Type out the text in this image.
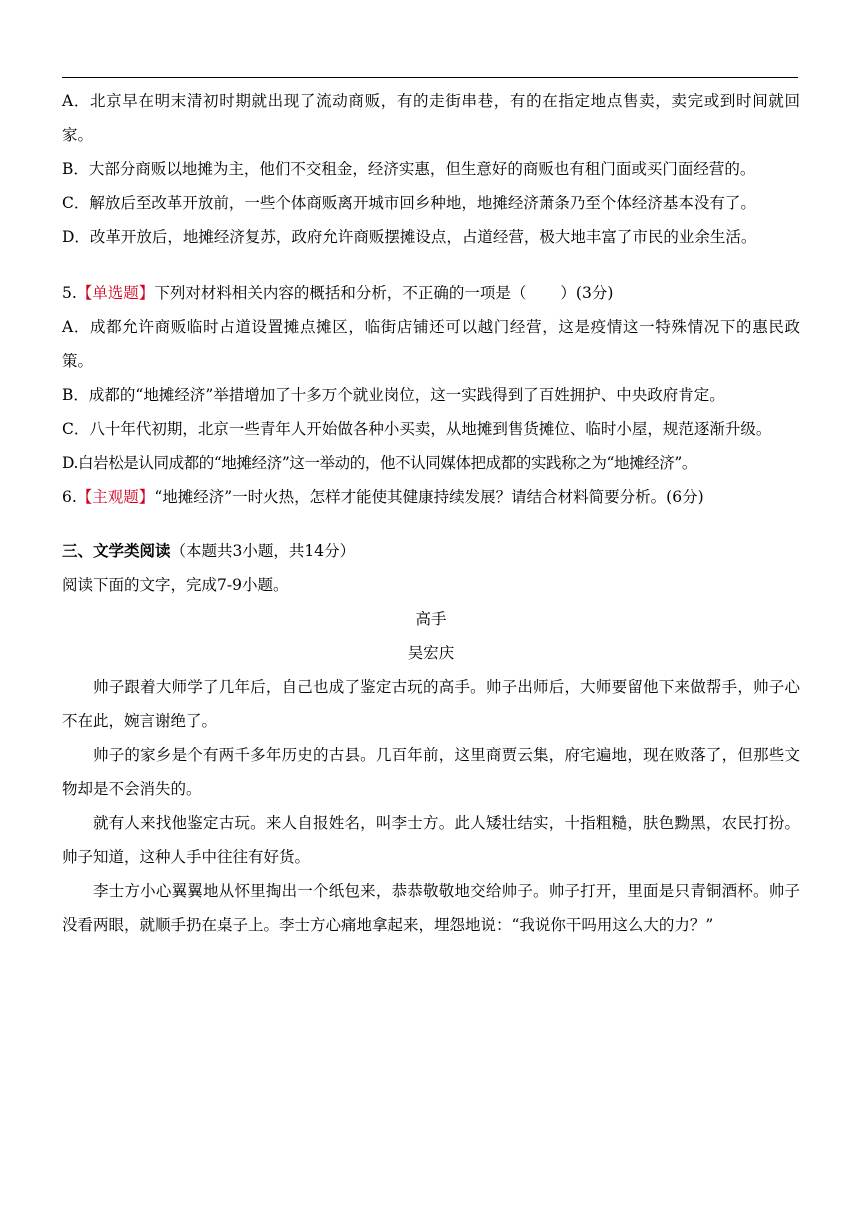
A．北京早在明末清初时期就出现了流动商贩，有的走街串巷，有的在指定地点售卖，卖完或到时间就回家。

B．大部分商贩以地摊为主，他们不交租金，经济实惠，但生意好的商贩也有租门面或买门面经营的。

C．解放后至改革开放前，一些个体商贩离开城市回乡种地，地摊经济萧条乃至个体经济基本没有了。

D．改革开放后，地摊经济复苏，政府允许商贩摆摊设点，占道经营，极大地丰富了市民的业余生活。

5.【单选题】下列对材料相关内容的概括和分析，不正确的一项是（ ）(3分)

A．成都允许商贩临时占道设置摊点摊区，临街店铺还可以越门经营，这是疫情这一特殊情况下的惠民政策。

B．成都的“地摊经济”举措增加了十多万个就业岗位，这一实践得到了百姓拥护、中央政府肯定。

C．八十年代初期，北京一些青年人开始做各种小买卖，从地摊到售货摊位、临时小屋，规范逐渐升级。

D.白岩松是认同成都的“地摊经济”这一举动的，他不认同媒体把成都的实践称之为“地摊经济”。

6.【主观题】“地摊经济”一时火热，怎样才能使其健康持续发展？请结合材料简要分析。(6分)

三、文学类阅读（本题共3小题，共14分）

阅读下面的文字，完成7-9小题。

高手

吴宏庆

帅子跟着大师学了几年后，自己也成了鉴定古玩的高手。帅子出师后，大师要留他下来做帮手，帅子心不在此，婉言谢绝了。

帅子的家乡是个有两千多年历史的古县。几百年前，这里商贾云集，府宅遍地，现在败落了，但那些文物却是不会消失的。

就有人来找他鉴定古玩。来人自报姓名，叫李士方。此人矮壮结实，十指粗糙，肤色黝黑，农民打扮。帅子知道，这种人手中往往有好货。

李士方小心翼翼地从怀里掏出一个纸包来，恭恭敬敬地交给帅子。帅子打开，里面是只青铜酒杯。帅子没看两眼，就顺手扔在桌子上。李士方心痛地拿起来，埋怨地说：“我说你干吗用这么大的力？”
